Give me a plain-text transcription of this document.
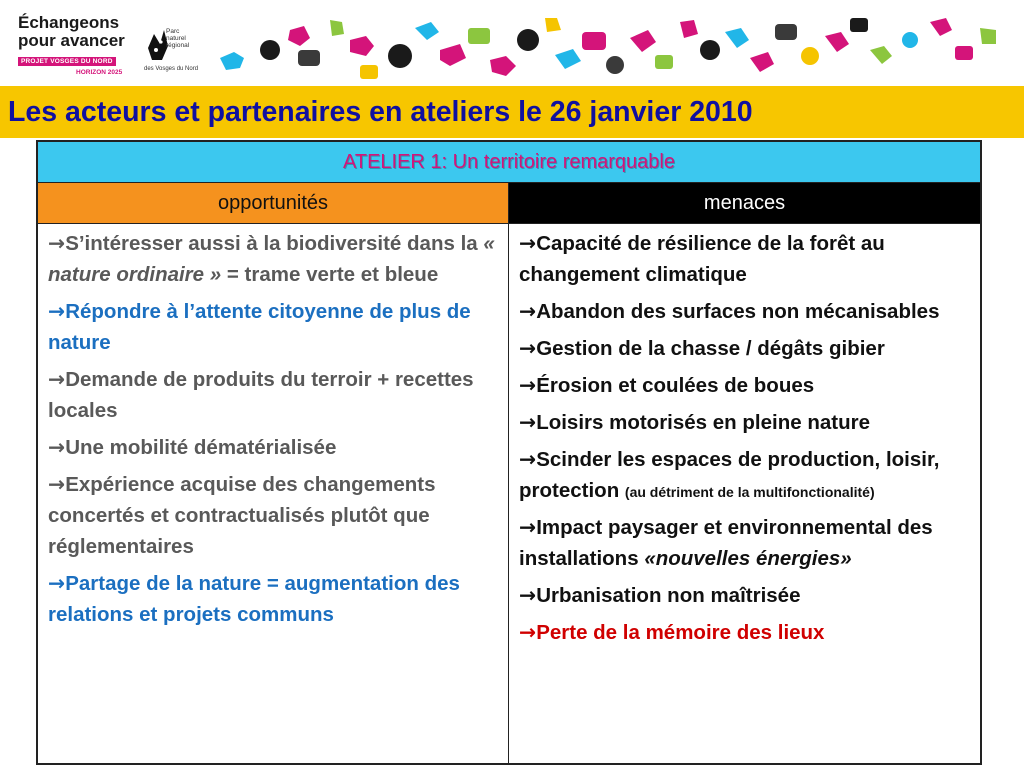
Échangeons
pour avancer
PROJET VOSGES DU NORD
HORIZON 2025
Parc naturel régional
des Vosges du Nord
Les acteurs et partenaires en ateliers le 26 janvier 2010
ATELIER 1: Un territoire remarquable
opportunités	menaces
→S’intéresser aussi à la biodiversité dans la « nature ordinaire » = trame verte et bleue
→Répondre à l’attente citoyenne de plus de nature
→Demande de produits du terroir + recettes locales
→Une mobilité dématérialisée
→Expérience acquise des changements concertés et contractualisés plutôt que réglementaires
→Partage de la nature = augmentation des relations et projets communs
→Capacité de résilience de la forêt au changement climatique
→Abandon des surfaces non mécanisables
→Gestion de la chasse / dégâts gibier
→Érosion et coulées de boues
→Loisirs motorisés en pleine nature
→Scinder les espaces de production, loisir, protection (au détriment de la multifonctionalité)
→Impact paysager et environnemental des installations «nouvelles énergies»
→Urbanisation non maîtrisée
→Perte de la mémoire des lieux
